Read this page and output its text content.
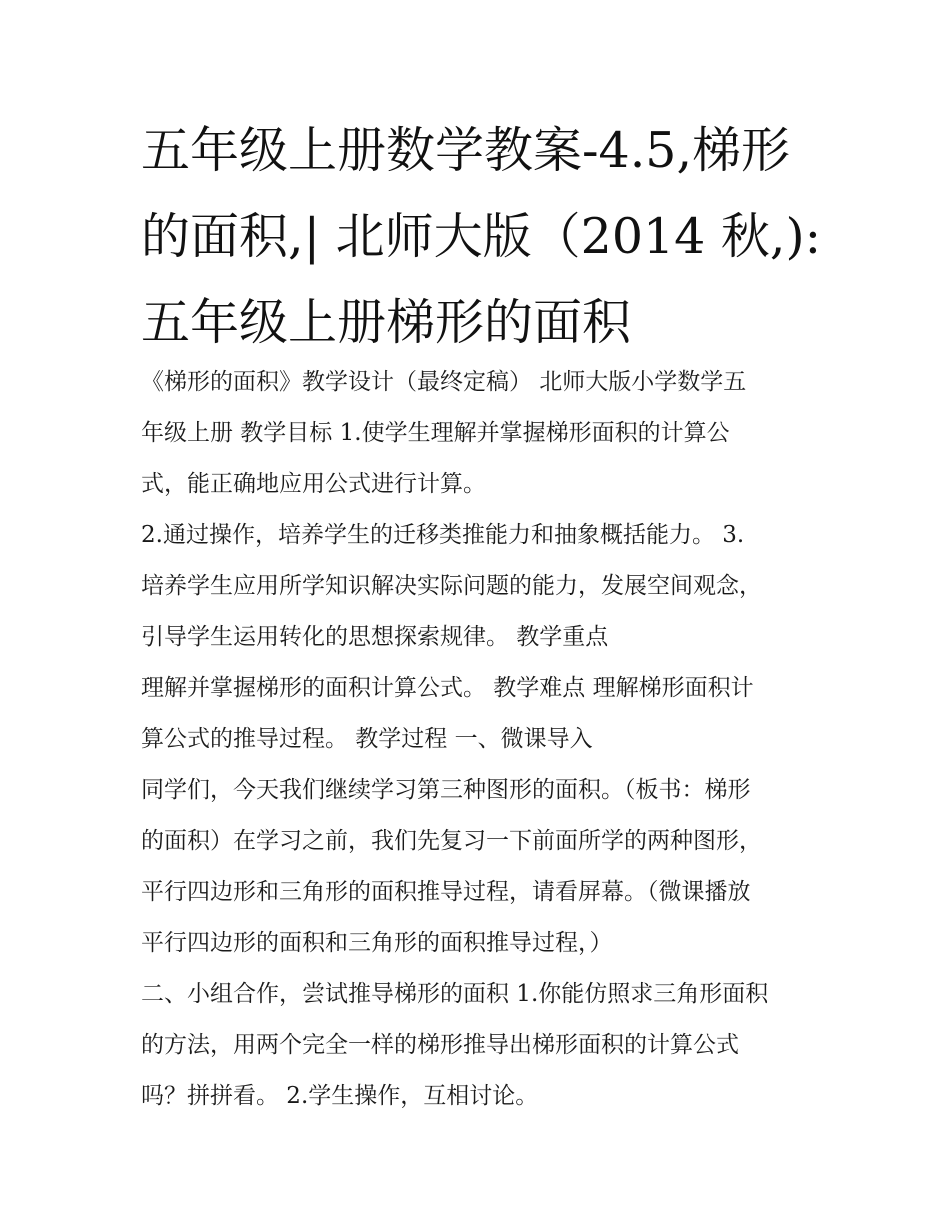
五年级上册数学教案-4.5,梯形
的面积,| 北师大版（2014 秋,):
五年级上册梯形的面积
《梯形的面积》教学设计（最终定稿） 北师大版小学数学五
年级上册 教学目标 1.使学生理解并掌握梯形面积的计算公
式，能正确地应用公式进行计算。
2.通过操作，培养学生的迁移类推能力和抽象概括能力。 3.
培养学生应用所学知识解决实际问题的能力，发展空间观念，
引导学生运用转化的思想探索规律。 教学重点
理解并掌握梯形的面积计算公式。 教学难点 理解梯形面积计
算公式的推导过程。 教学过程 一、微课导入
同学们，今天我们继续学习第三种图形的面积。（板书：梯形
的面积）在学习之前，我们先复习一下前面所学的两种图形，
平行四边形和三角形的面积推导过程，请看屏幕。（微课播放
平行四边形的面积和三角形的面积推导过程，）
二、小组合作，尝试推导梯形的面积 1.你能仿照求三角形面积
的方法，用两个完全一样的梯形推导出梯形面积的计算公式
吗？拼拼看。 2.学生操作，互相讨论。
